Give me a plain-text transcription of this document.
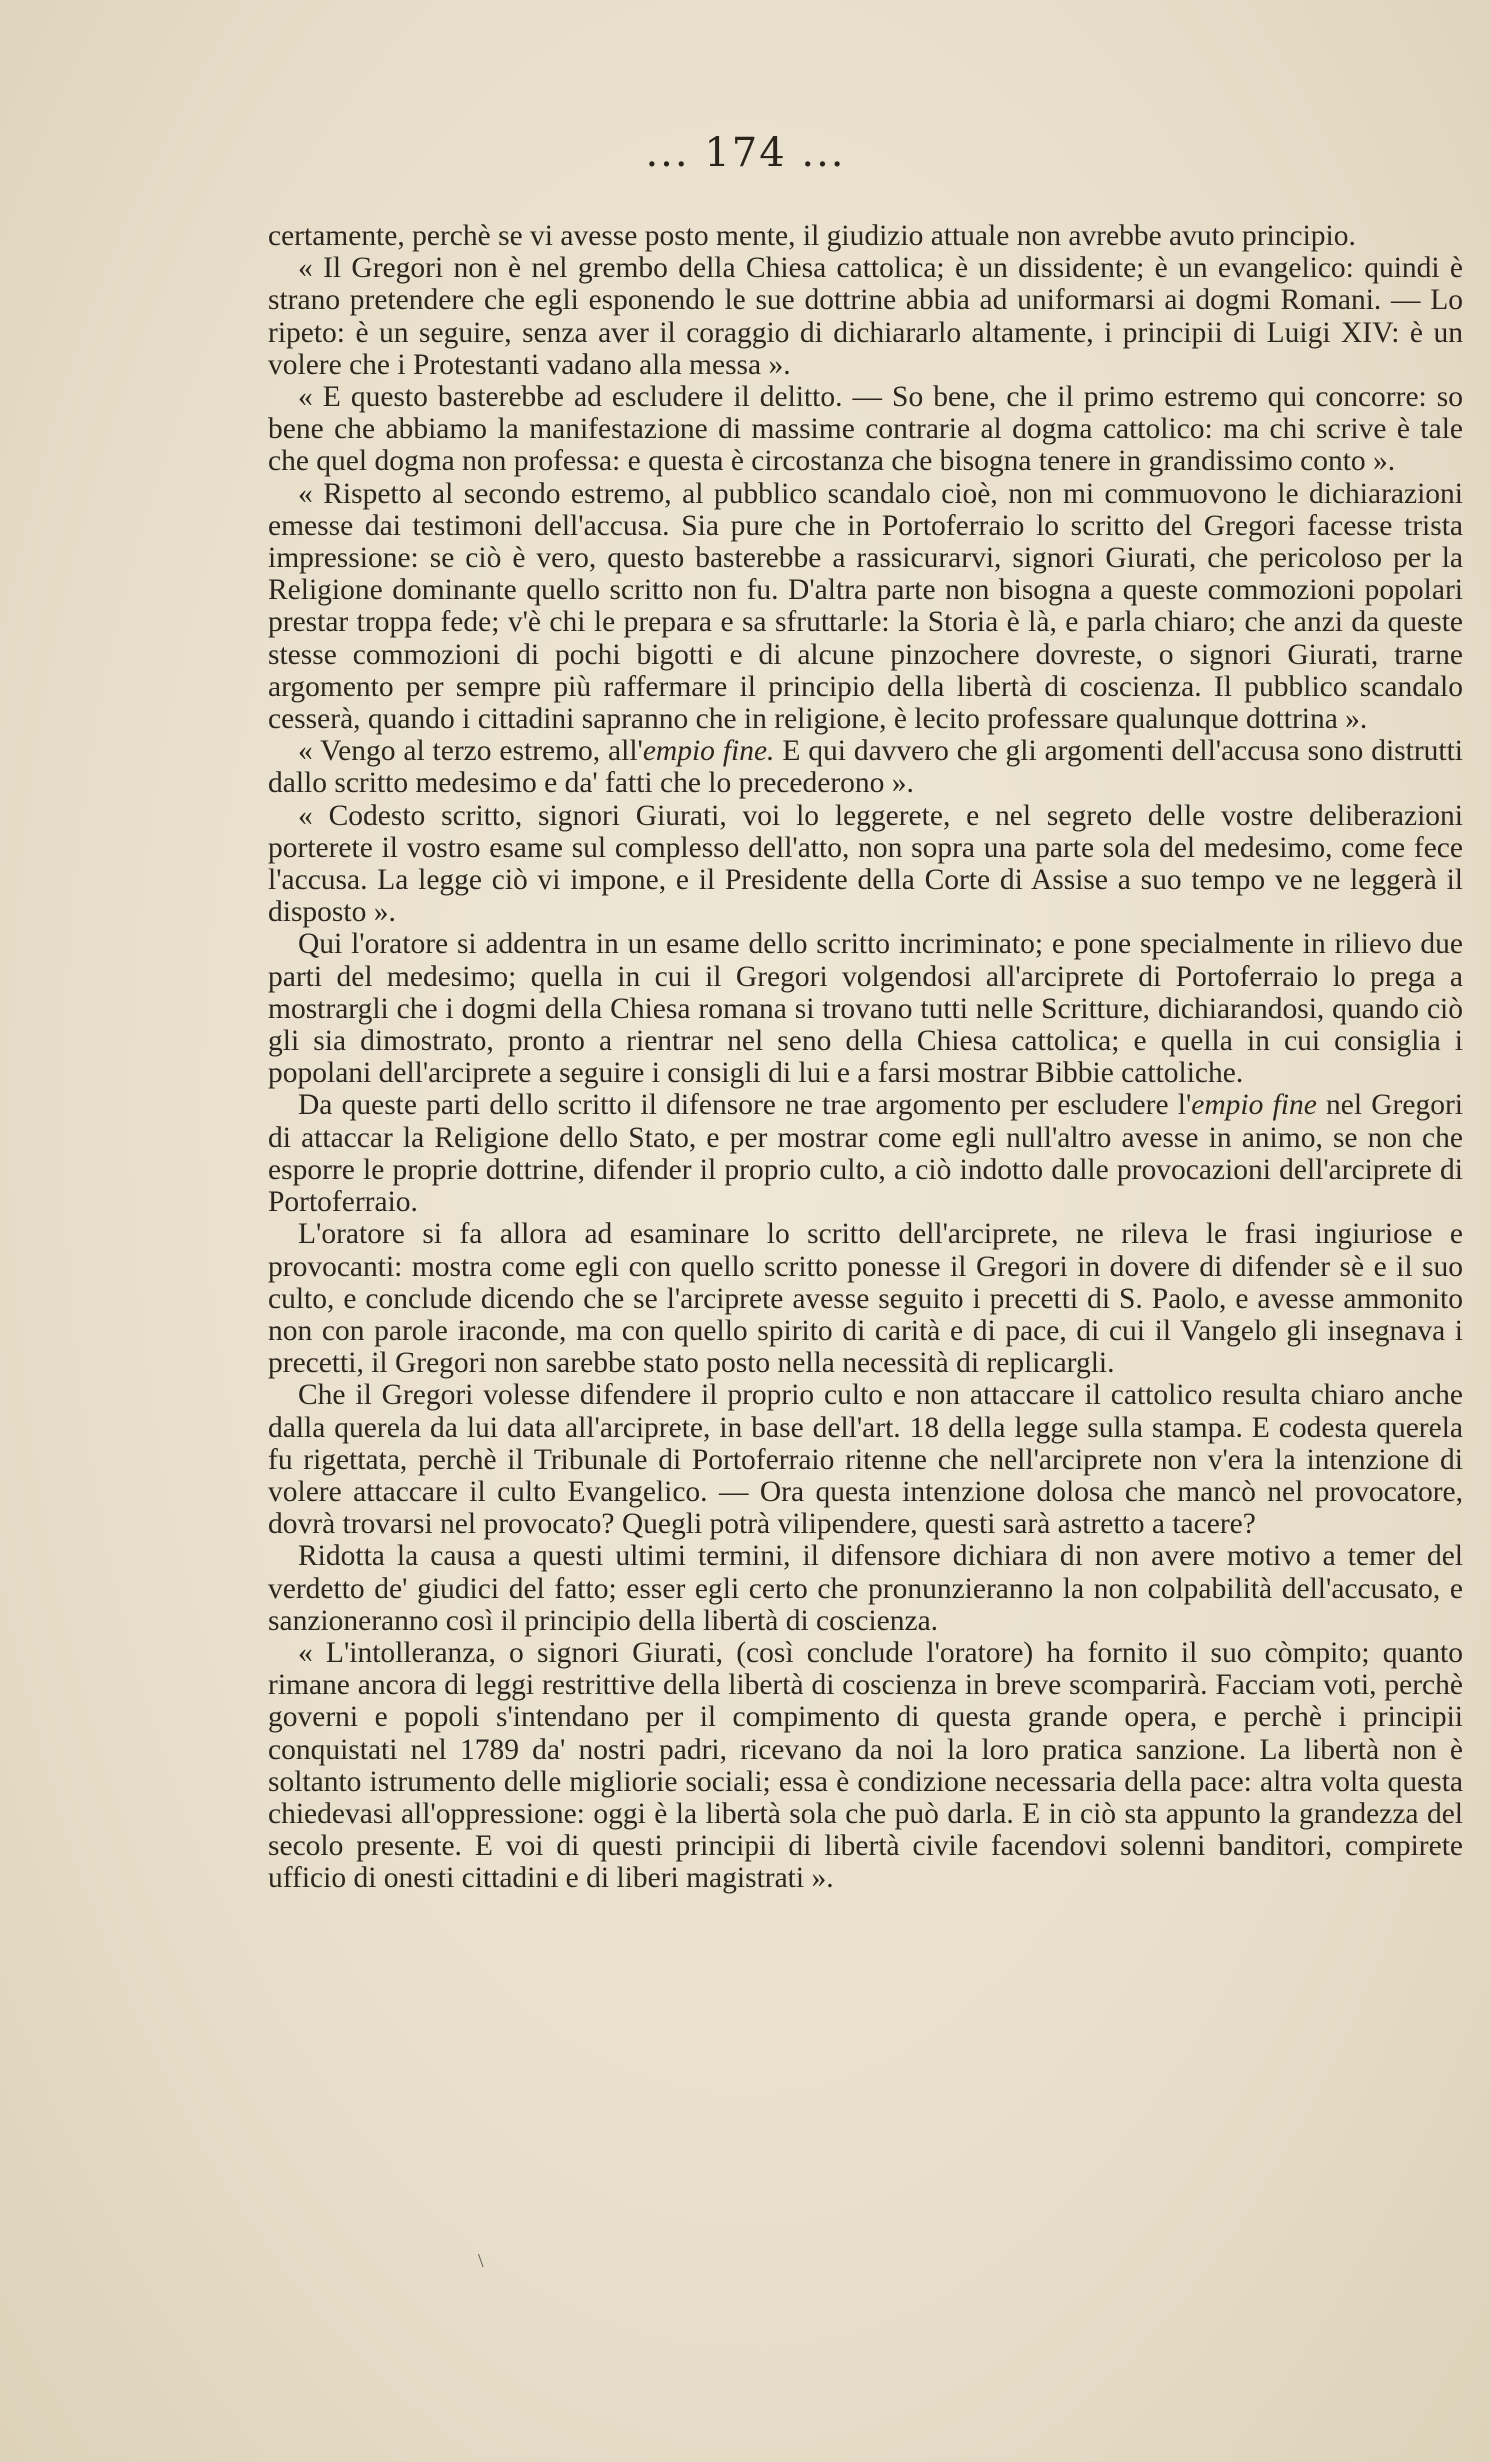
... 174 ...

certamente, perchè se vi avesse posto mente, il giudizio attuale non avrebbe avuto principio.

« Il Gregori non è nel grembo della Chiesa cattolica; è un dissidente; è un evangelico: quindi è strano pretendere che egli esponendo le sue dottrine abbia ad uniformarsi ai dogmi Romani. — Lo ripeto: è un seguire, senza aver il coraggio di dichiararlo altamente, i principii di Luigi XIV: è un volere che i Protestanti vadano alla messa ».

« E questo basterebbe ad escludere il delitto. — So bene, che il primo estremo qui concorre: so bene che abbiamo la manifestazione di massime contrarie al dogma cattolico: ma chi scrive è tale che quel dogma non professa: e questa è circostanza che bisogna tenere in grandissimo conto ».

« Rispetto al secondo estremo, al pubblico scandalo cioè, non mi commuovono le dichiarazioni emesse dai testimoni dell'accusa. Sia pure che in Portoferraio lo scritto del Gregori facesse trista impressione: se ciò è vero, questo basterebbe a rassicurarvi, signori Giurati, che pericoloso per la Religione dominante quello scritto non fu. D'altra parte non bisogna a queste commozioni popolari prestar troppa fede; v'è chi le prepara e sa sfruttarle: la Storia è là, e parla chiaro; che anzi da queste stesse commozioni di pochi bigotti e di alcune pinzochere dovreste, o signori Giurati, trarne argomento per sempre più raffermare il principio della libertà di coscienza. Il pubblico scandalo cesserà, quando i cittadini sapranno che in religione, è lecito professare qualunque dottrina ».

« Vengo al terzo estremo, all'empio fine. E qui davvero che gli argomenti dell'accusa sono distrutti dallo scritto medesimo e da' fatti che lo precederono ».

« Codesto scritto, signori Giurati, voi lo leggerete, e nel segreto delle vostre deliberazioni porterete il vostro esame sul complesso dell'atto, non sopra una parte sola del medesimo, come fece l'accusa. La legge ciò vi impone, e il Presidente della Corte di Assise a suo tempo ve ne leggerà il disposto ».

Qui l'oratore si addentra in un esame dello scritto incriminato; e pone specialmente in rilievo due parti del medesimo; quella in cui il Gregori volgendosi all'arciprete di Portoferraio lo prega a mostrargli che i dogmi della Chiesa romana si trovano tutti nelle Scritture, dichiarandosi, quando ciò gli sia dimostrato, pronto a rientrar nel seno della Chiesa cattolica; e quella in cui consiglia i popolani dell'arciprete a seguire i consigli di lui e a farsi mostrar Bibbie cattoliche.

Da queste parti dello scritto il difensore ne trae argomento per escludere l'empio fine nel Gregori di attaccar la Religione dello Stato, e per mostrar come egli null'altro avesse in animo, se non che esporre le proprie dottrine, difender il proprio culto, a ciò indotto dalle provocazioni dell'arciprete di Portoferraio.

L'oratore si fa allora ad esaminare lo scritto dell'arciprete, ne rileva le frasi ingiuriose e provocanti: mostra come egli con quello scritto ponesse il Gregori in dovere di difender sè e il suo culto, e conclude dicendo che se l'arciprete avesse seguito i precetti di S. Paolo, e avesse ammonito non con parole iraconde, ma con quello spirito di carità e di pace, di cui il Vangelo gli insegnava i precetti, il Gregori non sarebbe stato posto nella necessità di replicargli.

Che il Gregori volesse difendere il proprio culto e non attaccare il cattolico resulta chiaro anche dalla querela da lui data all'arciprete, in base dell'art. 18 della legge sulla stampa. E codesta querela fu rigettata, perchè il Tribunale di Portoferraio ritenne che nell'arciprete non v'era la intenzione di volere attaccare il culto Evangelico. — Ora questa intenzione dolosa che mancò nel provocatore, dovrà trovarsi nel provocato? Quegli potrà vilipendere, questi sarà astretto a tacere?

Ridotta la causa a questi ultimi termini, il difensore dichiara di non avere motivo a temer del verdetto de' giudici del fatto; esser egli certo che pronunzieranno la non colpabilità dell'accusato, e sanzioneranno così il principio della libertà di coscienza.

« L'intolleranza, o signori Giurati, (così conclude l'oratore) ha fornito il suo còmpito; quanto rimane ancora di leggi restrittive della libertà di coscienza in breve scomparirà. Facciam voti, perchè governi e popoli s'intendano per il compimento di questa grande opera, e perchè i principii conquistati nel 1789 da' nostri padri, ricevano da noi la loro pratica sanzione. La libertà non è soltanto istrumento delle migliorie sociali; essa è condizione necessaria della pace: altra volta questa chiedevasi all'oppressione: oggi è la libertà sola che può darla. E in ciò sta appunto la grandezza del secolo presente. E voi di questi principii di libertà civile facendovi solenni banditori, compirete ufficio di onesti cittadini e di liberi magistrati ».

\
